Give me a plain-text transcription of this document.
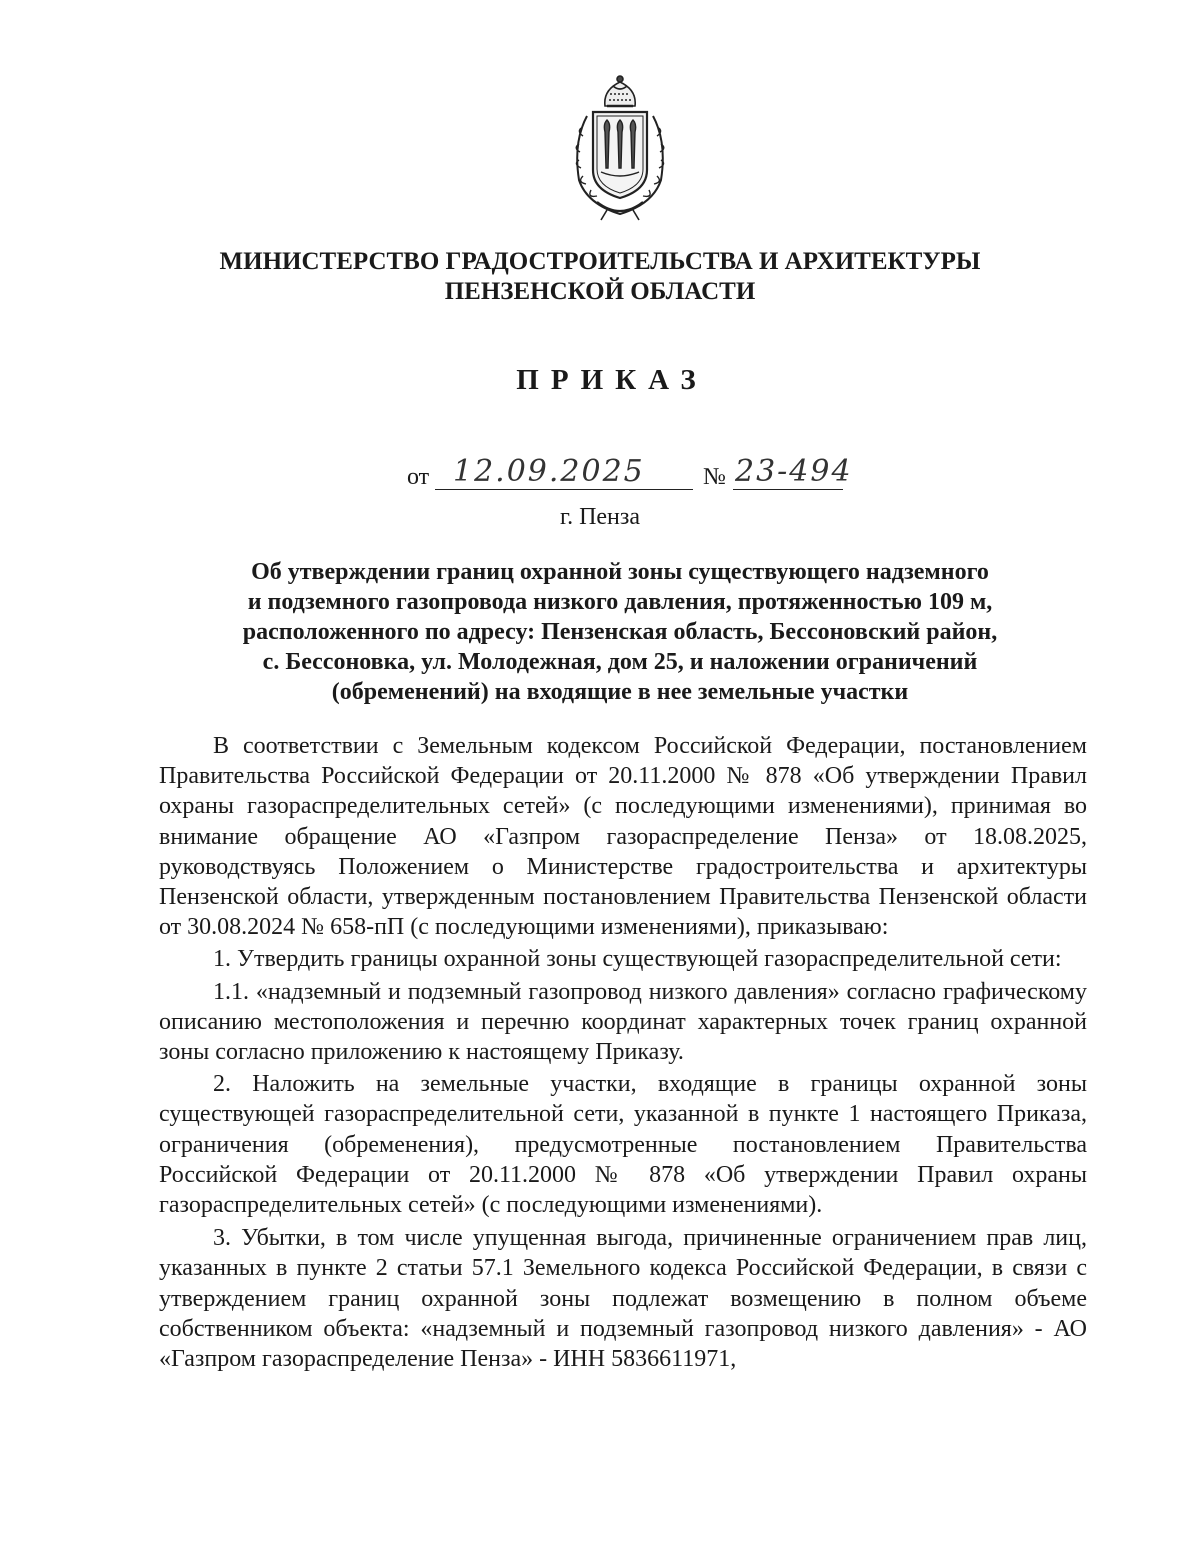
МИНИСТЕРСТВО ГРАДОСТРОИТЕЛЬСТВА И АРХИТЕКТУРЫ
ПЕНЗЕНСКОЙ ОБЛАСТИ
ПРИКАЗ
от 12.09.2025 № 23-494
г. Пенза
Об утверждении границ охранной зоны существующего надземного
и подземного газопровода низкого давления, протяженностью 109 м,
расположенного по адресу: Пензенская область, Бессоновский район,
с. Бессоновка, ул. Молодежная, дом 25, и наложении ограничений
(обременений) на входящие в нее земельные участки

В соответствии с Земельным кодексом Российской Федерации, постановлением Правительства Российской Федерации от 20.11.2000 № 878 «Об утверждении Правил охраны газораспределительных сетей» (с последующими изменениями), принимая во внимание обращение АО «Газпром газораспределение Пенза» от 18.08.2025, руководствуясь Положением о Министерстве градостроительства и архитектуры Пензенской области, утвержденным постановлением Правительства Пензенской области от 30.08.2024 № 658-пП (с последующими изменениями), приказываю:

1. Утвердить границы охранной зоны существующей газораспределительной сети:

1.1. «надземный и подземный газопровод низкого давления» согласно графическому описанию местоположения и перечню координат характерных точек границ охранной зоны согласно приложению к настоящему Приказу.

2. Наложить на земельные участки, входящие в границы охранной зоны существующей газораспределительной сети, указанной в пункте 1 настоящего Приказа, ограничения (обременения), предусмотренные постановлением Правительства Российской Федерации от 20.11.2000 № 878 «Об утверждении Правил охраны газораспределительных сетей» (с последующими изменениями).

3. Убытки, в том числе упущенная выгода, причиненные ограничением прав лиц, указанных в пункте 2 статьи 57.1 Земельного кодекса Российской Федерации, в связи с утверждением границ охранной зоны подлежат возмещению в полном объеме собственником объекта: «надземный и подземный газопровод низкого давления» - АО «Газпром газораспределение Пенза» - ИНН 5836611971,
